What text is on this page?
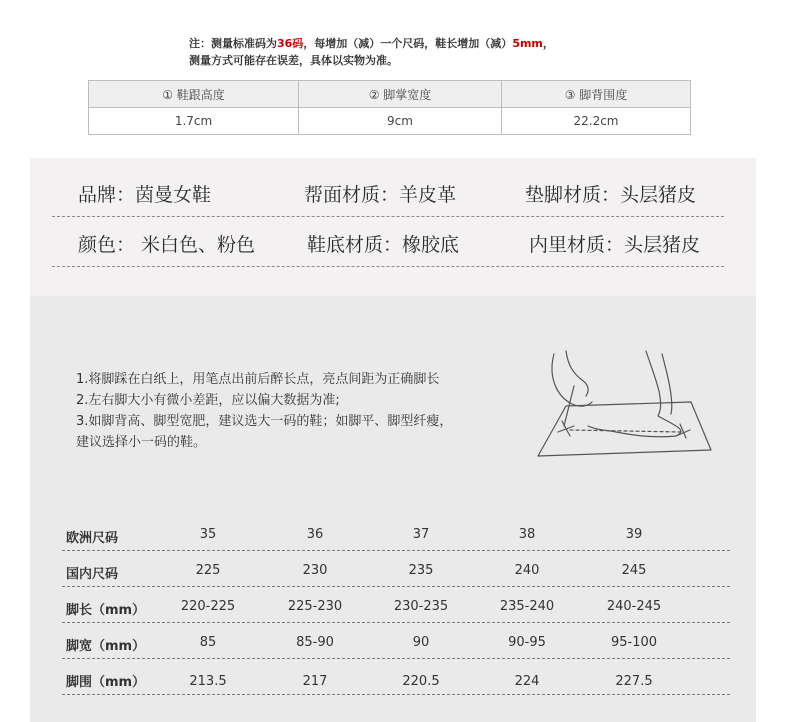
注：测量标准码为36码，每增加（减）一个尺码，鞋长增加（减）5mm，
测量方式可能存在误差，具体以实物为准。
① 鞋跟高度	② 脚掌宽度	③ 脚背围度
1.7cm	9cm	22.2cm
品牌：茵曼女鞋	帮面材质：羊皮革	垫脚材质：头层猪皮
颜色： 米白色、粉色	鞋底材质：橡胶底	内里材质：头层猪皮
1.将脚踩在白纸上，用笔点出前后醉长点，亮点间距为正确脚长
2.左右脚大小有微小差距，应以偏大数据为准;
3.如脚背高、脚型宽肥，建议选大一码的鞋；如脚平、脚型纤瘦，
建议选择小一码的鞋。
欧洲尺码	35	36	37	38	39
国内尺码	225	230	235	240	245
脚长（mm）	220-225	225-230	230-235	235-240	240-245
脚宽（mm）	85	85-90	90	90-95	95-100
脚围（mm）	213.5	217	220.5	224	227.5
